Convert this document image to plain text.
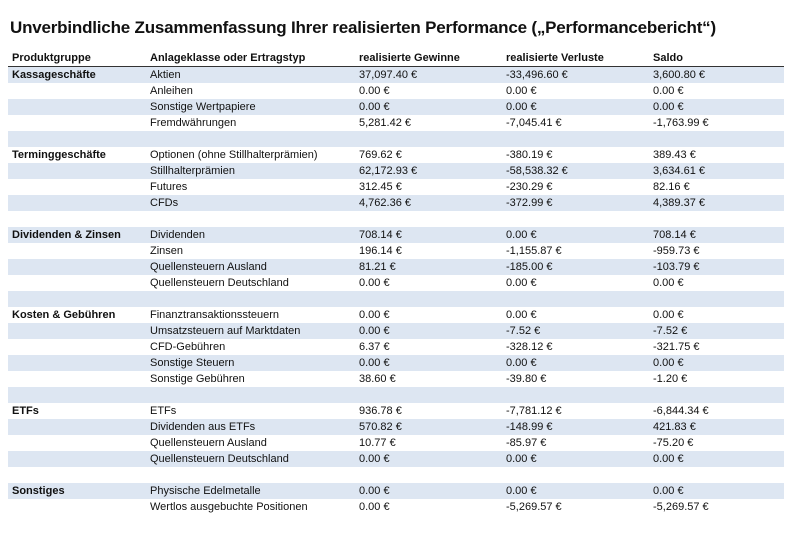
Unverbindliche Zusammenfassung Ihrer realisierten Performance („Performancebericht“)
Produktgruppe	Anlageklasse oder Ertragstyp	realisierte Gewinne	realisierte Verluste	Saldo
Kassageschäfte	Aktien	37,097.40 €	-33,496.60 €	3,600.80 €
	Anleihen	0.00 €	0.00 €	0.00 €
	Sonstige Wertpapiere	0.00 €	0.00 €	0.00 €
	Fremdwährungen	5,281.42 €	-7,045.41 €	-1,763.99 €

Terminggeschäfte	Optionen (ohne Stillhalterprämien)	769.62 €	-380.19 €	389.43 €
	Stillhalterprämien	62,172.93 €	-58,538.32 €	3,634.61 €
	Futures	312.45 €	-230.29 €	82.16 €
	CFDs	4,762.36 €	-372.99 €	4,389.37 €

Dividenden & Zinsen	Dividenden	708.14 €	0.00 €	708.14 €
	Zinsen	196.14 €	-1,155.87 €	-959.73 €
	Quellensteuern Ausland	81.21 €	-185.00 €	-103.79 €
	Quellensteuern Deutschland	0.00 €	0.00 €	0.00 €

Kosten & Gebühren	Finanztransaktionssteuern	0.00 €	0.00 €	0.00 €
	Umsatzsteuern auf Marktdaten	0.00 €	-7.52 €	-7.52 €
	CFD-Gebühren	6.37 €	-328.12 €	-321.75 €
	Sonstige Steuern	0.00 €	0.00 €	0.00 €
	Sonstige Gebühren	38.60 €	-39.80 €	-1.20 €

ETFs	ETFs	936.78 €	-7,781.12 €	-6,844.34 €
	Dividenden aus ETFs	570.82 €	-148.99 €	421.83 €
	Quellensteuern Ausland	10.77 €	-85.97 €	-75.20 €
	Quellensteuern Deutschland	0.00 €	0.00 €	0.00 €

Sonstiges	Physische Edelmetalle	0.00 €	0.00 €	0.00 €
	Wertlos ausgebuchte Positionen	0.00 €	-5,269.57 €	-5,269.57 €
